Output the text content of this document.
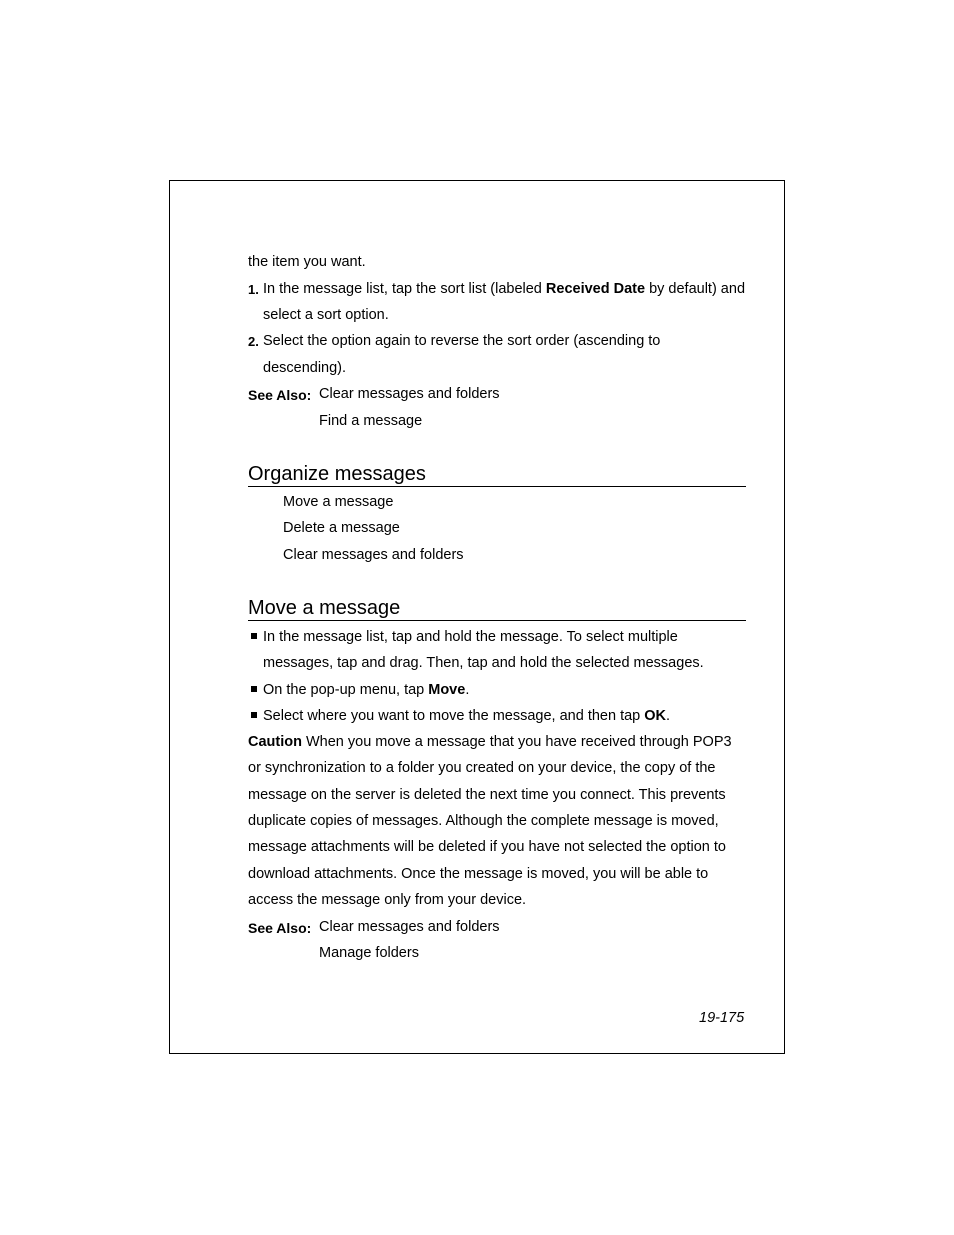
the item you want.
1. In the message list, tap the sort list (labeled Received Date by default) and
select a sort option.
2. Select the option again to reverse the sort order (ascending to
descending).
See Also: Clear messages and folders
Find a message
Organize messages
Move a message
Delete a message
Clear messages and folders
Move a message
In the message list, tap and hold the message. To select multiple
messages, tap and drag. Then, tap and hold the selected messages.
On the pop-up menu, tap Move.
Select where you want to move the message, and then tap OK.
Caution When you move a message that you have received through POP3
or synchronization to a folder you created on your device, the copy of the
message on the server is deleted the next time you connect. This prevents
duplicate copies of messages. Although the complete message is moved,
message attachments will be deleted if you have not selected the option to
download attachments. Once the message is moved, you will be able to
access the message only from your device.
See Also: Clear messages and folders
Manage folders
19-175
